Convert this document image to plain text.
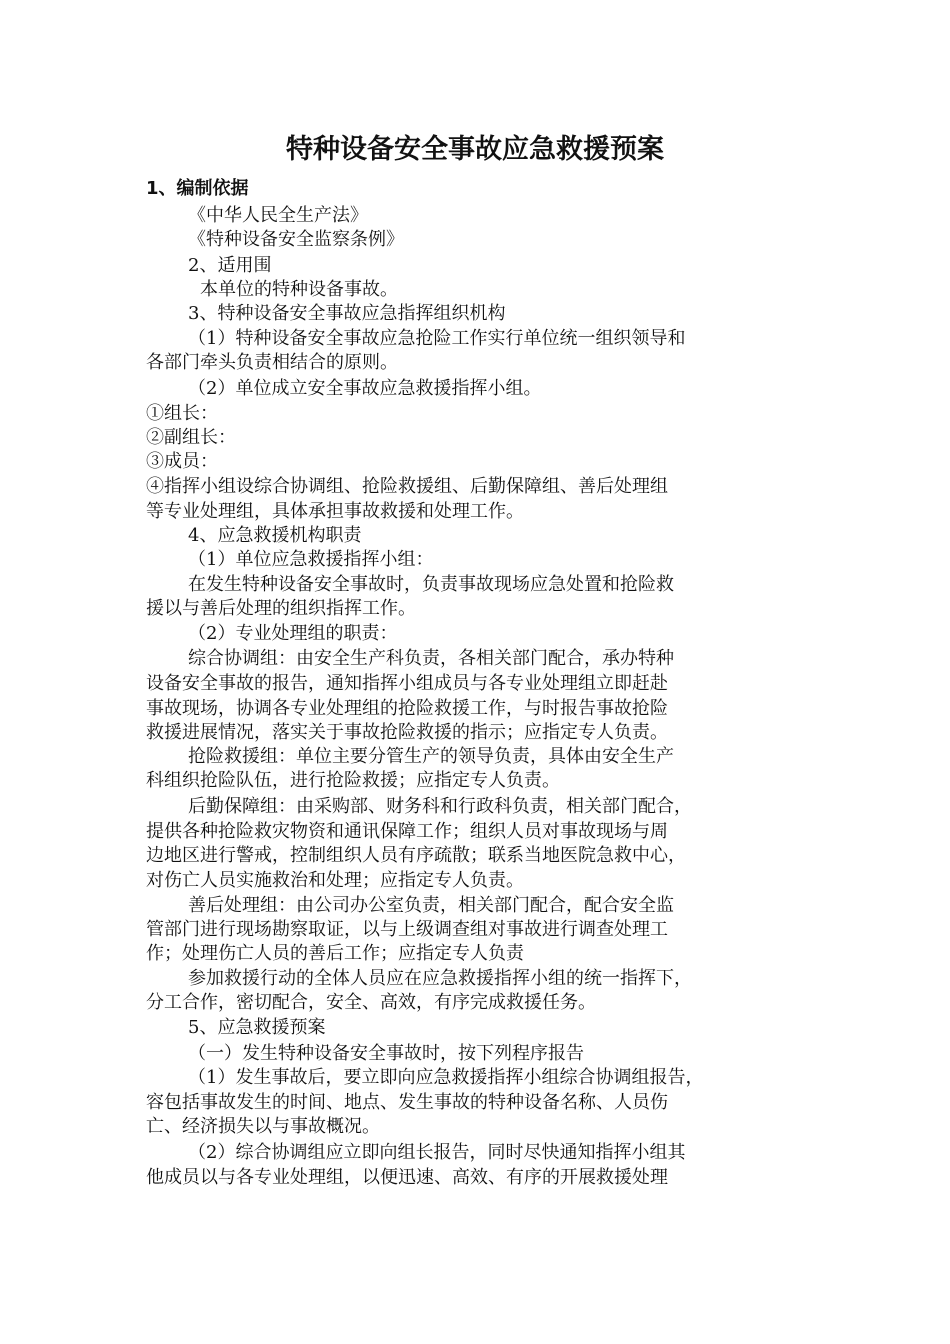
特种设备安全事故应急救援预案
1、编制依据
《中华人民全生产法》
《特种设备安全监察条例》
2、适用围
本单位的特种设备事故。
3、特种设备安全事故应急指挥组织机构
（1）特种设备安全事故应急抢险工作实行单位统一组织领导和
各部门牵头负责相结合的原则。
（2）单位成立安全事故应急救援指挥小组。
①组长：
②副组长：
③成员：
④指挥小组设综合协调组、抢险救援组、后勤保障组、善后处理组
等专业处理组，具体承担事故救援和处理工作。
4、应急救援机构职责
（1）单位应急救援指挥小组：
在发生特种设备安全事故时，负责事故现场应急处置和抢险救
援以与善后处理的组织指挥工作。
（2）专业处理组的职责：
综合协调组：由安全生产科负责，各相关部门配合，承办特种
设备安全事故的报告，通知指挥小组成员与各专业处理组立即赶赴
事故现场，协调各专业处理组的抢险救援工作，与时报告事故抢险
救援进展情况，落实关于事故抢险救援的指示；应指定专人负责。
抢险救援组：单位主要分管生产的领导负责，具体由安全生产
科组织抢险队伍，进行抢险救援；应指定专人负责。
后勤保障组：由采购部、财务科和行政科负责，相关部门配合，
提供各种抢险救灾物资和通讯保障工作；组织人员对事故现场与周
边地区进行警戒，控制组织人员有序疏散；联系当地医院急救中心，
对伤亡人员实施救治和处理；应指定专人负责。
善后处理组：由公司办公室负责，相关部门配合，配合安全监
管部门进行现场勘察取证，以与上级调查组对事故进行调查处理工
作；处理伤亡人员的善后工作；应指定专人负责
参加救援行动的全体人员应在应急救援指挥小组的统一指挥下，
分工合作，密切配合，安全、高效，有序完成救援任务。
5、应急救援预案
（一）发生特种设备安全事故时，按下列程序报告
（1）发生事故后，要立即向应急救援指挥小组综合协调组报告，
容包括事故发生的时间、地点、发生事故的特种设备名称、人员伤
亡、经济损失以与事故概况。
（2）综合协调组应立即向组长报告，同时尽快通知指挥小组其
他成员以与各专业处理组，以便迅速、高效、有序的开展救援处理
